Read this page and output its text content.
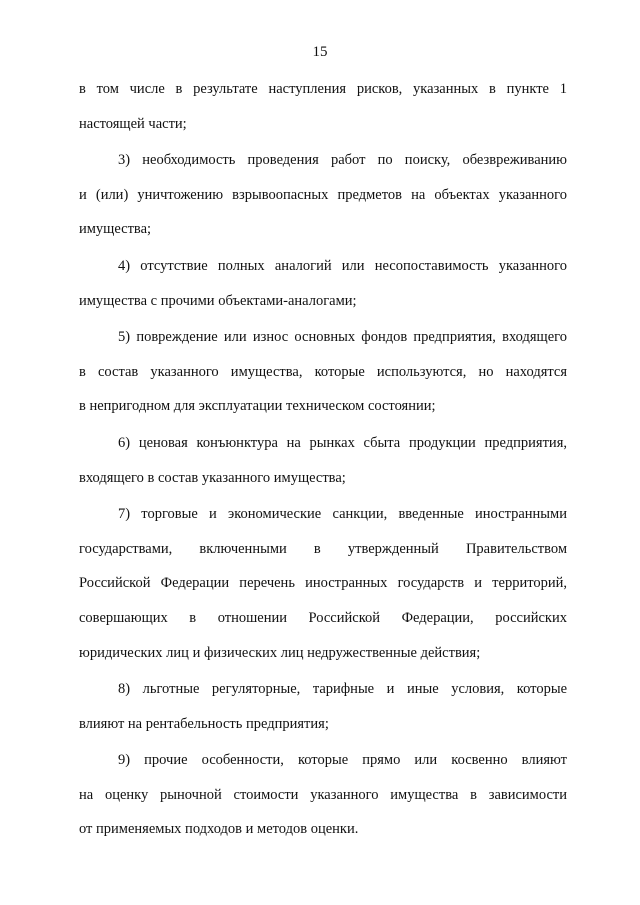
15
в том числе в результате наступления рисков, указанных в пункте 1
настоящей части;
3) необходимость проведения работ по поиску, обезвреживанию
и (или) уничтожению взрывоопасных предметов на объектах указанного
имущества;
4) отсутствие полных аналогий или несопоставимость указанного
имущества с прочими объектами-аналогами;
5) повреждение или износ основных фондов предприятия, входящего
в состав указанного имущества, которые используются, но находятся
в непригодном для эксплуатации техническом состоянии;
6) ценовая конъюнктура на рынках сбыта продукции предприятия,
входящего в состав указанного имущества;
7) торговые и экономические санкции, введенные иностранными
государствами, включенными в утвержденный Правительством
Российской Федерации перечень иностранных государств и территорий,
совершающих в отношении Российской Федерации, российских
юридических лиц и физических лиц недружественные действия;
8) льготные регуляторные, тарифные и иные условия, которые
влияют на рентабельность предприятия;
9) прочие особенности, которые прямо или косвенно влияют
на оценку рыночной стоимости указанного имущества в зависимости
от применяемых подходов и методов оценки.
